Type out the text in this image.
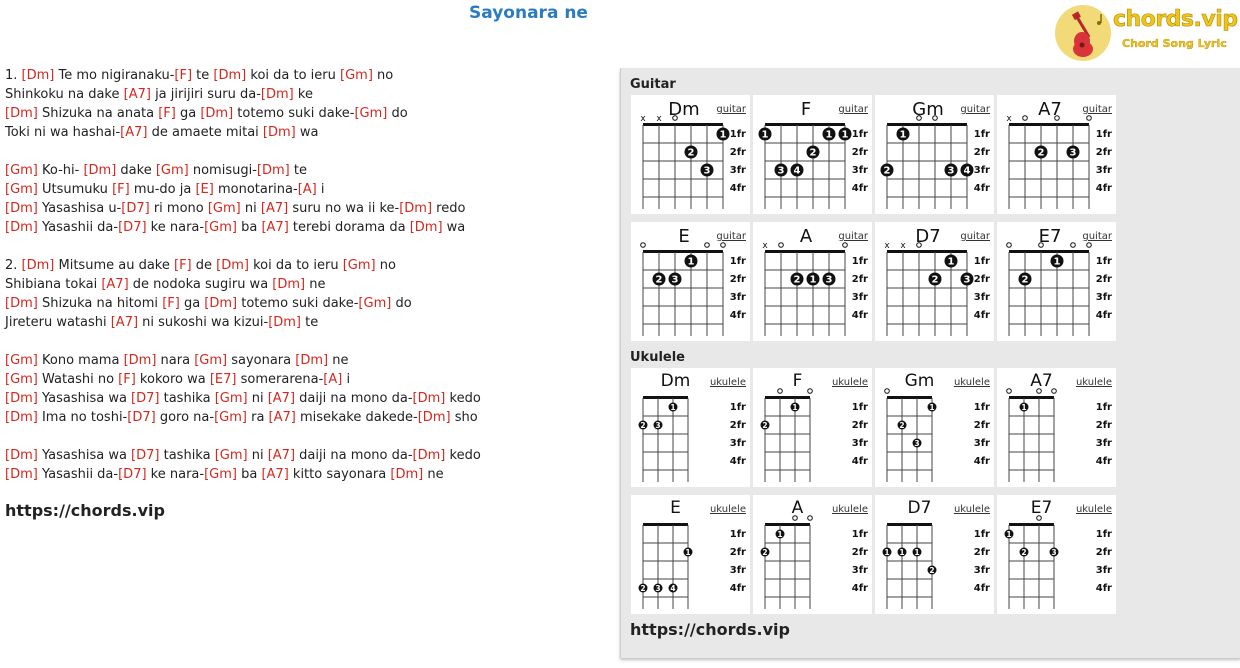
Sayonara ne	chords.vip
Chord Song Lyric
1. [Dm] Te mo nigiranaku-[F] te [Dm] koi da to ieru [Gm] no
Shinkoku na dake [A7] ja jirijiri suru da-[Dm] ke
[Dm] Shizuka na anata [F] ga [Dm] totemo suki dake-[Gm] do
Toki ni wa hashai-[A7] de amaete mitai [Dm] wa
[Gm] Ko-hi- [Dm] dake [Gm] nomisugi-[Dm] te
[Gm] Utsumuku [F] mu-do ja [E] monotarina-[A] i
[Dm] Yasashisa u-[D7] ri mono [Gm] ni [A7] suru no wa ii ke-[Dm] redo
[Dm] Yasashii da-[D7] ke nara-[Gm] ba [A7] terebi dorama da [Dm] wa
2. [Dm] Mitsume au dake [F] de [Dm] koi da to ieru [Gm] no
Shibiana tokai [A7] de nodoka sugiru wa [Dm] ne
[Dm] Shizuka na hitomi [F] ga [Dm] totemo suki dake-[Gm] do
Jireteru watashi [A7] ni sukoshi wa kizui-[Dm] te
[Gm] Kono mama [Dm] nara [Gm] sayonara [Dm] ne
[Gm] Watashi no [F] kokoro wa [E7] somerarena-[A] i
[Dm] Yasashisa wa [D7] tashika [Gm] ni [A7] daiji na mono da-[Dm] kedo
[Dm] Ima no toshi-[D7] goro na-[Gm] ra [A7] misekake dakede-[Dm] sho
[Dm] Yasashisa wa [D7] tashika [Gm] ni [A7] daiji na mono da-[Dm] kedo
[Dm] Yasashii da-[D7] ke nara-[Gm] ba [A7] kitto sayonara [Dm] ne
https://chords.vip
Guitar
Ukulele
Dm guitar
1fr
2fr
3fr
4fr
x x
1
2
3
F	guitar
1fr
2fr
3fr
4fr
1	1 1
2
3 4
Gm guitar
1fr
2fr
3fr
4fr
1
2	3 4
A7 guitar
1fr
2fr
3fr
4fr
x
2	3
E	guitar
1fr
2fr
3fr
4fr
1
2 3
A	guitar
1fr
2fr
3fr
4fr
x
2 1 3
D7 guitar
1fr
2fr
3fr
4fr
x x
1
2	3
E7 guitar
1fr
2fr
3fr
4fr
1
2
Dm ukulele
1fr
2fr
3fr
4fr
1
2 3
F	ukulele
1fr
2fr
3fr
4fr
1
2
Gm ukulele
1fr
2fr
3fr
4fr
1
2
3
A7 ukulele
1fr
2fr
3fr
4fr
1
E	ukulele
1fr
2fr
3fr
4fr
1
2 3 4
A	ukulele
1fr
2fr
3fr
4fr
1
2
D7 ukulele
1fr
2fr
3fr
4fr
1 1 1
2
E7 ukulele
1fr
2fr
3fr
4fr
1
2	3
https://chords.vip
